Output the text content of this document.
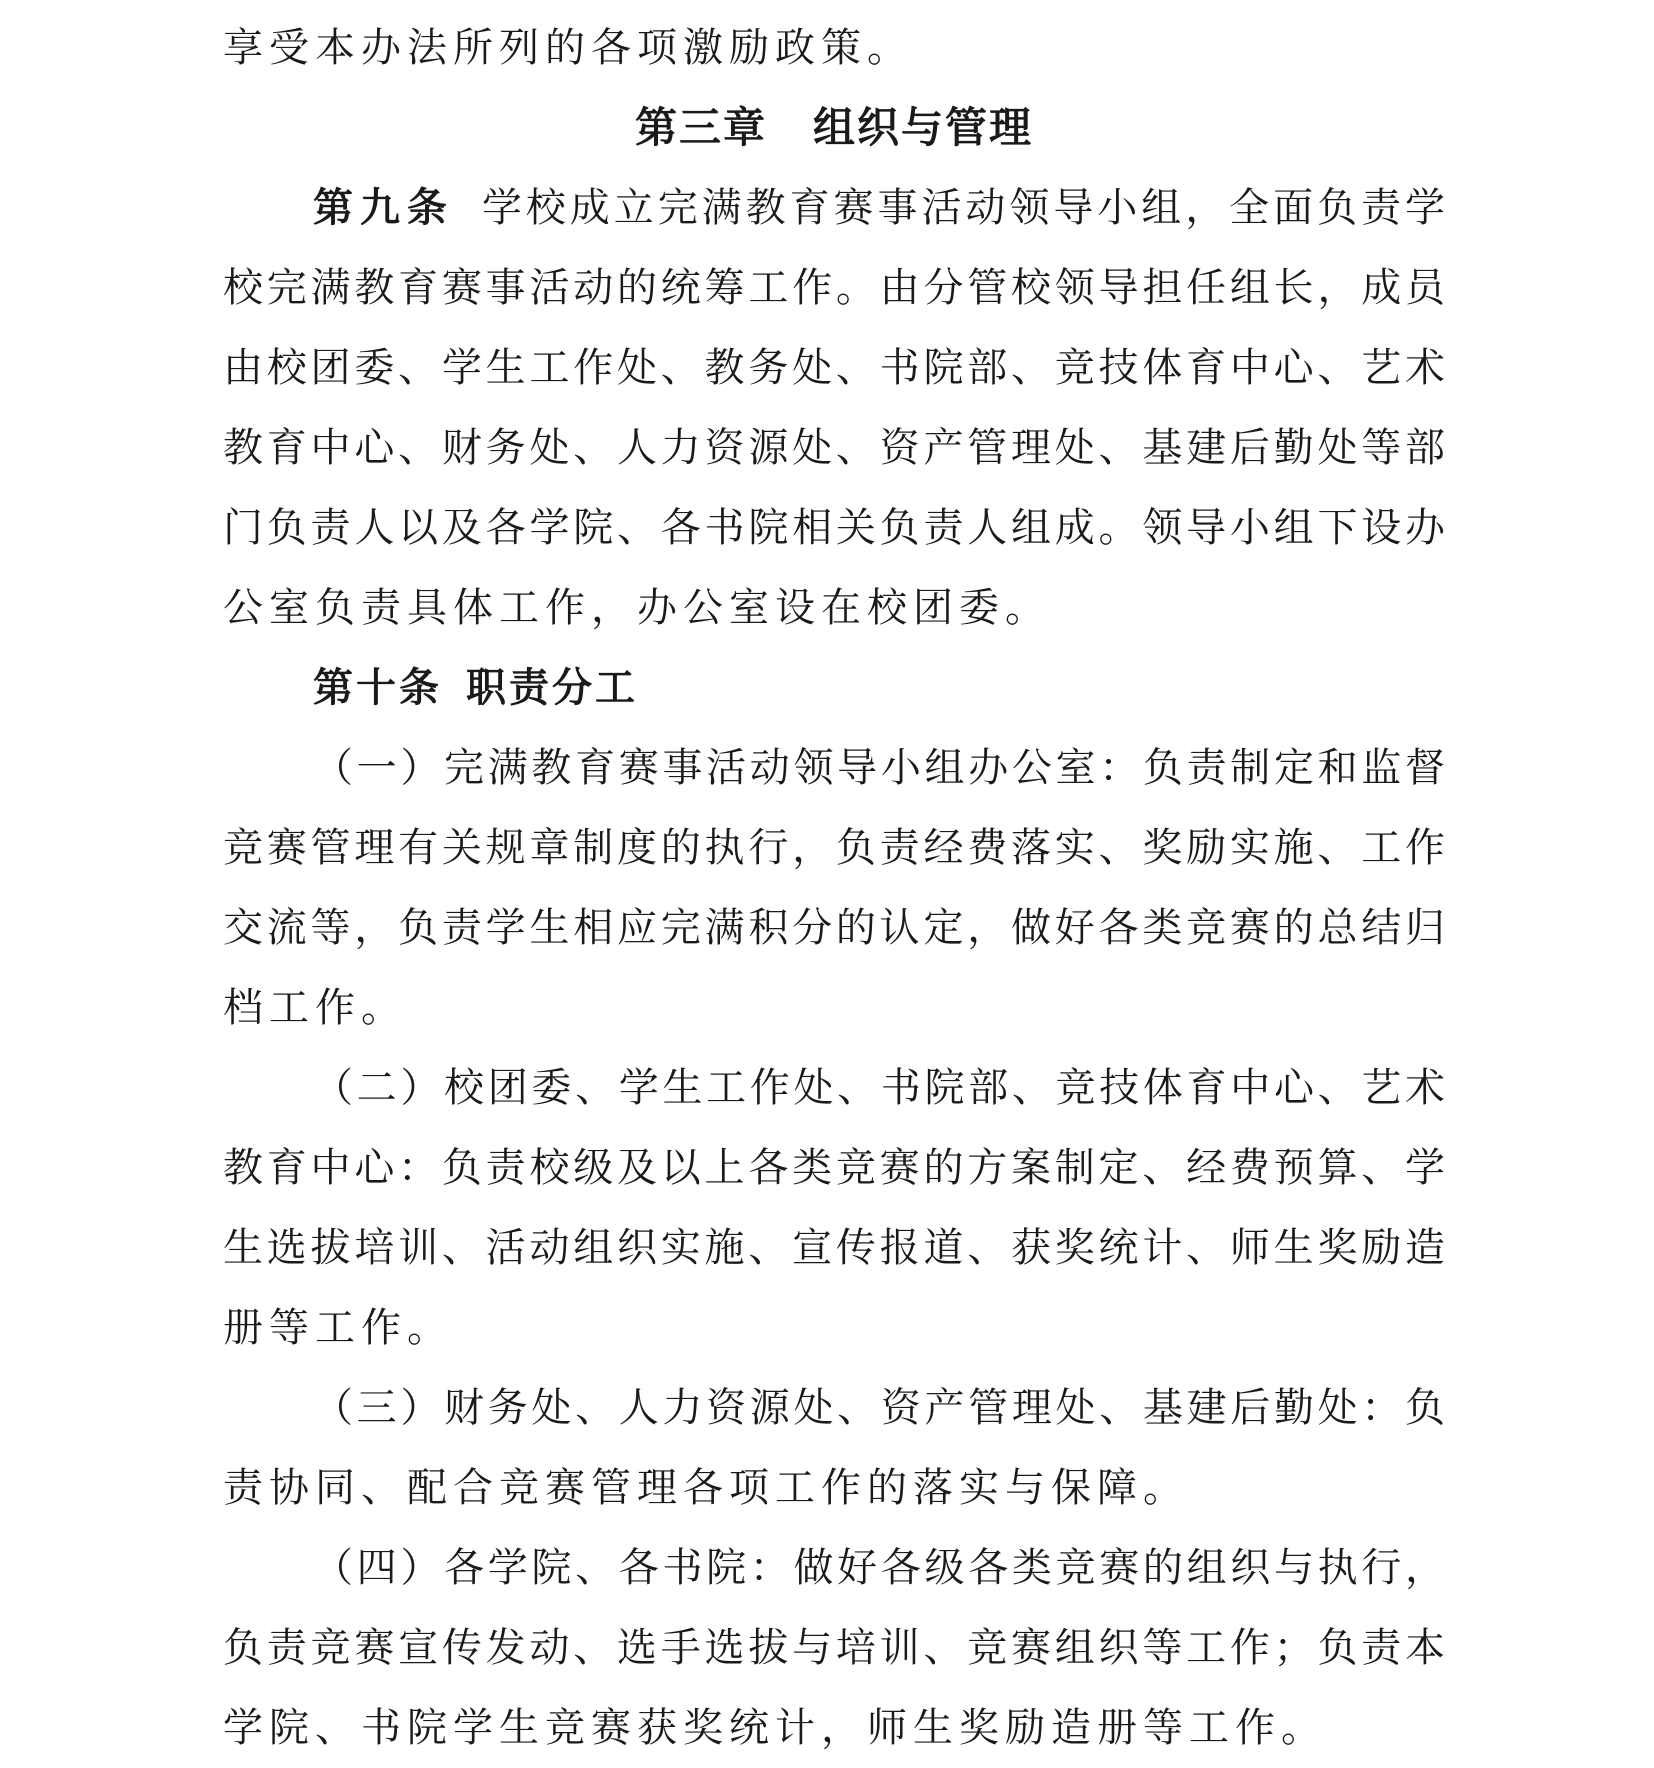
享受本办法所列的各项激励政策。

第三章 组织与管理

第九条 学校成立完满教育赛事活动领导小组，全面负责学

校完满教育赛事活动的统筹工作。由分管校领导担任组长，成员

由校团委、学生工作处、教务处、书院部、竞技体育中心、艺术

教育中心、财务处、人力资源处、资产管理处、基建后勤处等部

门负责人以及各学院、各书院相关负责人组成。领导小组下设办

公室负责具体工作，办公室设在校团委。

第十条 职责分工

（一）完满教育赛事活动领导小组办公室：负责制定和监督

竞赛管理有关规章制度的执行，负责经费落实、奖励实施、工作

交流等，负责学生相应完满积分的认定，做好各类竞赛的总结归

档工作。

（二）校团委、学生工作处、书院部、竞技体育中心、艺术

教育中心：负责校级及以上各类竞赛的方案制定、经费预算、学

生选拔培训、活动组织实施、宣传报道、获奖统计、师生奖励造

册等工作。

（三）财务处、人力资源处、资产管理处、基建后勤处：负

责协同、配合竞赛管理各项工作的落实与保障。

（四）各学院、各书院：做好各级各类竞赛的组织与执行，

负责竞赛宣传发动、选手选拔与培训、竞赛组织等工作；负责本

学院、书院学生竞赛获奖统计，师生奖励造册等工作。
